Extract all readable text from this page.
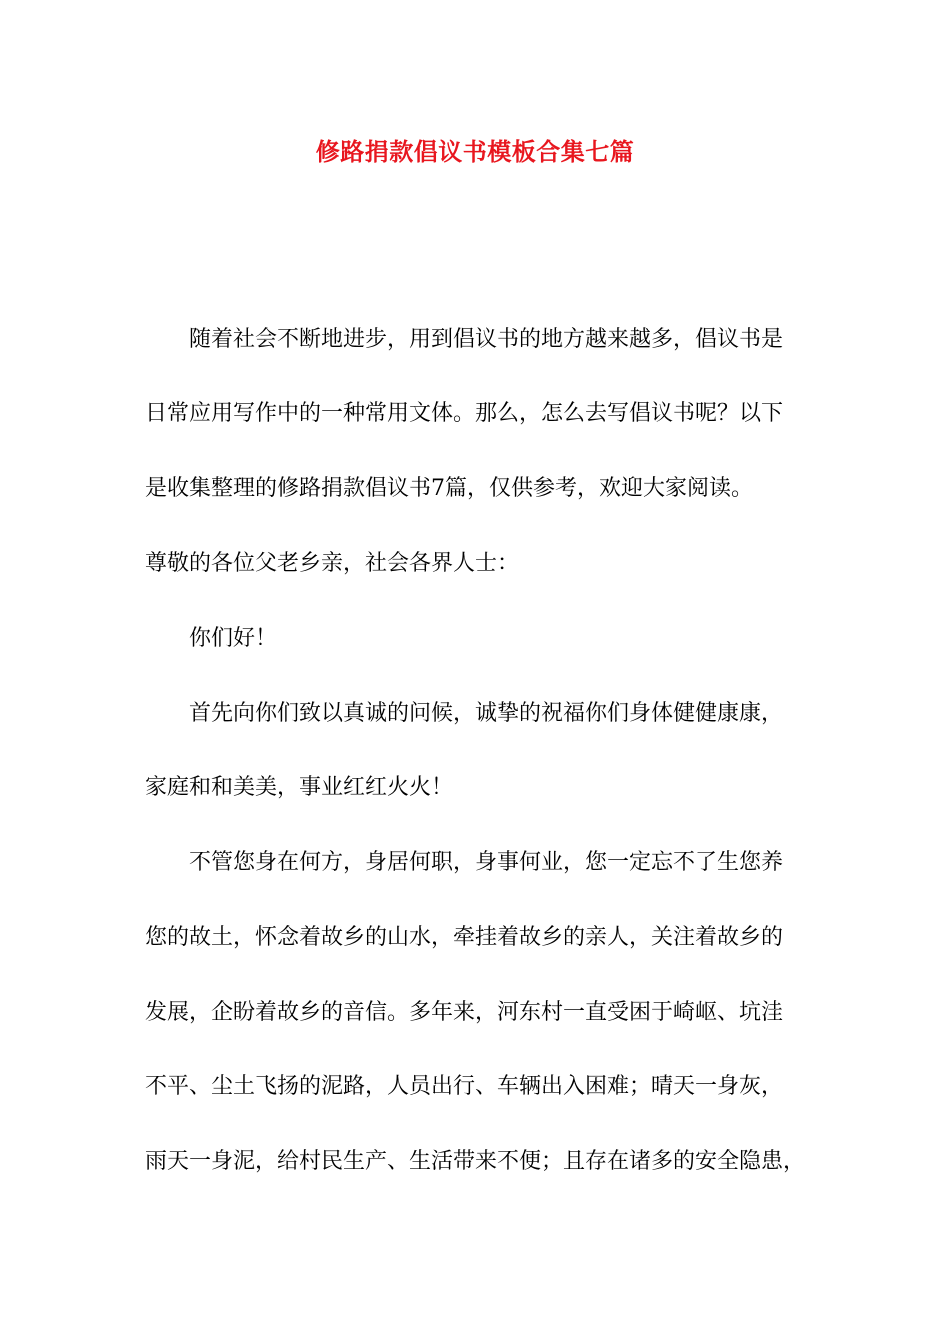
修路捐款倡议书模板合集七篇
随着社会不断地进步，用到倡议书的地方越来越多，倡议书是
日常应用写作中的一种常用文体。那么，怎么去写倡议书呢？以下
是收集整理的修路捐款倡议书7篇，仅供参考，欢迎大家阅读。
尊敬的各位父老乡亲，社会各界人士：
你们好！
首先向你们致以真诚的问候，诚挚的祝福你们身体健健康康，
家庭和和美美，事业红红火火！
不管您身在何方，身居何职，身事何业，您一定忘不了生您养
您的故土，怀念着故乡的山水，牵挂着故乡的亲人，关注着故乡的
发展，企盼着故乡的音信。多年来，河东村一直受困于崎岖、坑洼
不平、尘土飞扬的泥路，人员出行、车辆出入困难；晴天一身灰，
雨天一身泥，给村民生产、生活带来不便；且存在诸多的安全隐患，
